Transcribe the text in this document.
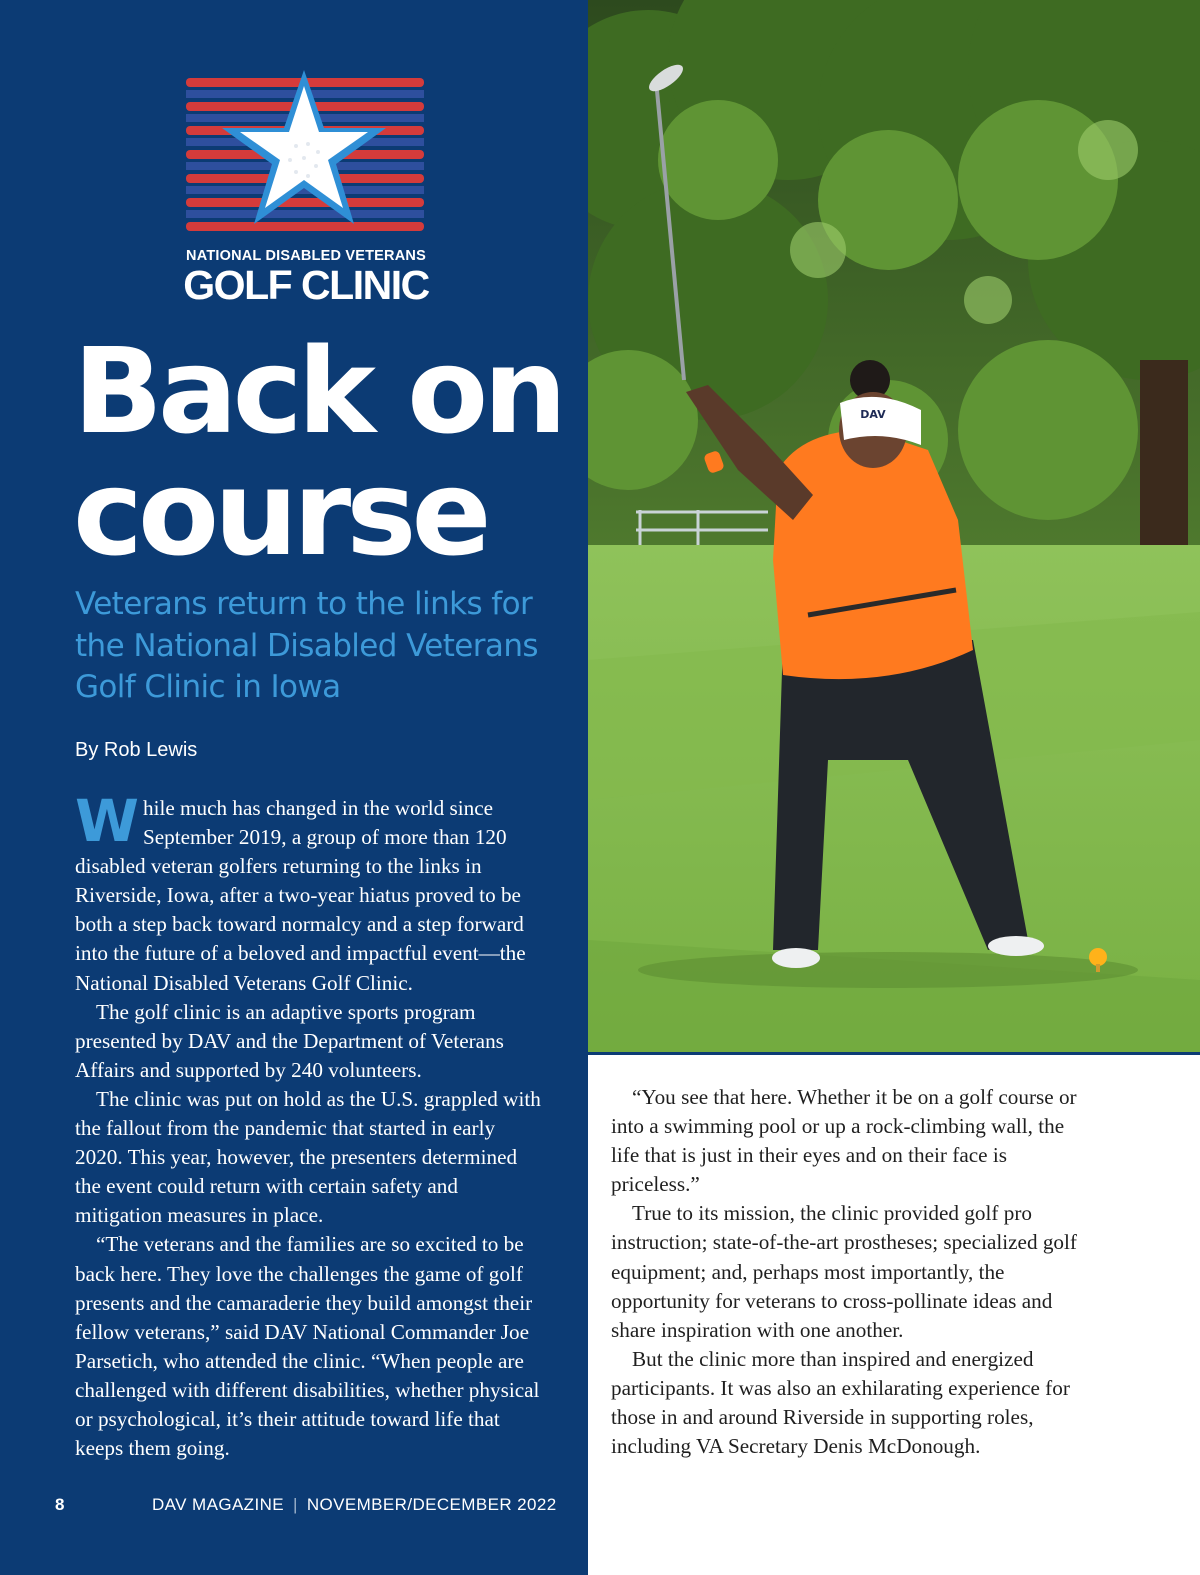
NATIONAL DISABLED VETERANS
GOLF CLINIC
Back on
course
Veterans return to the links for the National Disabled Veterans Golf Clinic in Iowa
By Rob Lewis

While much has changed in the world since September 2019, a group of more than 120 disabled veteran golfers returning to the links in Riverside, Iowa, after a two-year hiatus proved to be both a step back toward normalcy and a step forward into the future of a beloved and impactful event—the National Disabled Veterans Golf Clinic.

The golf clinic is an adaptive sports program presented by DAV and the Department of Veterans Affairs and supported by 240 volunteers.

The clinic was put on hold as the U.S. grappled with the fallout from the pandemic that started in early 2020. This year, however, the presenters determined the event could return with certain safety and mitigation measures in place.

“The veterans and the families are so excited to be back here. They love the challenges the game of golf presents and the camaraderie they build amongst their fellow veterans,” said DAV National Commander Joe Parsetich, who attended the clinic. “When people are challenged with different disabilities, whether physical or psychological, it’s their attitude toward life that keeps them going.

DAV

“You see that here. Whether it be on a golf course or into a swimming pool or up a rock-climbing wall, the life that is just in their eyes and on their face is priceless.”

True to its mission, the clinic provided golf pro instruction; state-of-the-art prostheses; specialized golf equipment; and, perhaps most importantly, the opportunity for veterans to cross-pollinate ideas and share inspiration with one another.

But the clinic more than inspired and energized participants. It was also an exhilarating experience for those in and around Riverside in supporting roles, including VA Secretary Denis McDonough.

8	DAV MAGAZINE | NOVEMBER/DECEMBER 2022
